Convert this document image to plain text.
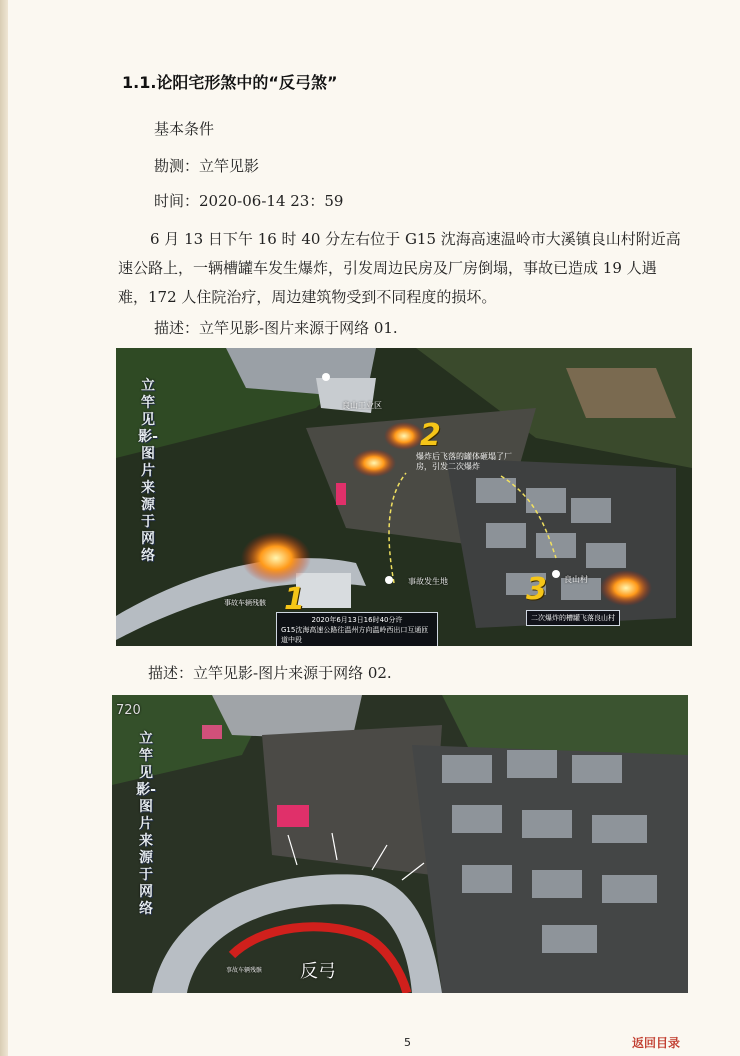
1.1.论阳宅形煞中的“反弓煞”
基本条件
勘测：立竿见影
时间：2020-06-14 23：59
6 月 13 日下午 16 时 40 分左右位于 G15 沈海高速温岭市大溪镇良山村附近高速公路上，一辆槽罐车发生爆炸，引发周边民房及厂房倒塌，事故已造成 19 人遇难，172 人住院治疗，周边建筑物受到不同程度的损坏。
描述：立竿见影-图片来源于网络 01.
立竿见影-图片来源于网络
良山工业区
爆炸后飞落的罐体砸塌了厂房，引发二次爆炸
事故发生地
事故车辆残骸
良山村
二次爆炸的槽罐飞落良山村
2020年6月13日16时40分许
G15沈海高速公路往温州方向温岭西出口互通匝道中段
1
2
3
描述：立竿见影-图片来源于网络 02.
720
立竿见影-图片来源于网络
反弓
事故车辆残骸
5	返回目录
